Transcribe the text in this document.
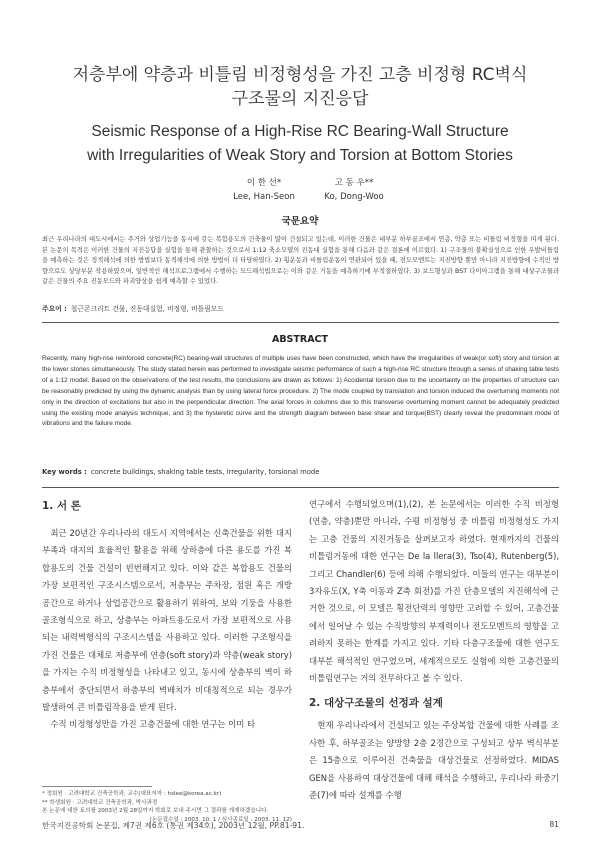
저층부에 약층과 비틀림 비정형성을 가진 고층 비정형 RC벽식
구조물의 지진응답
Seismic Response of a High-Rise RC Bearing-Wall Structure
with Irregularities of Weak Story and Torsion at Bottom Stories
이 한 선*
Lee, Han-Seon
고 동 우**
Ko, Dong-Woo
국문요약
최근 우리나라의 대도시에서는 주거와 상업기능을 동시에 갖는 복합용도의 건축물이 많이 건설되고 있는데, 이러한 건물은 대부분 하부골조에서 연층, 약층 또는 비틀림 비정형을 띠게 된다. 본 논문의 목적은 이러한 건물의 지진응답을 실험을 통해 관찰하는 것으로서 1:12 축소모델의 진동대 실험을 통해 다음과 같은 결론에 이르렀다. 1) 구조물의 불확실성으로 인한 우발비틀림을 예측하는 것은 정적해석에 의한 방법보다 동적해석에 의한 방법이 더 타당하였다. 2) 횡운동과 비틀림운동이 연관되어 있을 때, 전도모멘트는 지진방향 뿐만 아니라 지진방향에 수직인 방향으로도 상당부분 작용하였으며, 일반적인 해석프로그램에서 수행하는 모드해석법으로는 이와 같은 거동을 예측하기에 부적절하였다. 3) 보드형상과 BST 다이아그램을 통해 대상구조물과 같은 건물의 주요 진동모드와 파괴양상을 쉽게 예측할 수 있었다.
주요어 : 철근콘크리트 건물, 진동대실험, 비정형, 비틀림모드
ABSTRACT
Recently, many high-rise reinforced concrete(RC) bearing-wall structures of multiple uses have been constructed, which have the irregularities of weak(or soft) story and torsion at the lower stories simultaneously. The study stated herein was performed to investigate seismic performance of such a high-rise RC structure through a series of shaking table tests of a 1:12 model. Based on the observations of the test results, the conclusions are drawn as follows: 1) Accidental torsion due to the uncertainty on the properties of structure can be reasonably predicted by using the dynamic analysis than by using lateral force procedure. 2) The mode coupled by translation and torsion induced the overturning moments not only in the direction of excitations but also in the perpendicular direction: The axial forces in columns due to this transverse overturning moment cannot be adequately predicted using the existing mode analysis technique, and 3) the hysteretic curve and the strength diagram between base shear and torque(BST) clearly reveal the predominant mode of vibrations and the failure mode.
Key words : concrete buildings, shaking table tests, irregularity, torsional mode
1. 서 론

최근 20년간 우리나라의 대도시 지역에서는 신축건물을 위한 대지부족과 대지의 효율적인 활용을 위해 상하층에 다른 용도를 가진 복합용도의 건물 건설이 빈번해지고 있다. 이와 같은 복합용도 건물의 가장 보편적인 구조시스템으로서, 저층부는 주차장, 점원 혹은 개방공간으로 하거나 상업공간으로 활용하기 위하여, 보와 기둥을 사용한 골조형식으로 하고, 상층부는 아파트용도로서 가장 보편적으로 사용되는 내력벽형식의 구조시스템을 사용하고 있다. 이러한 구조형식을 가진 건물은 대체로 저층부에 연층(soft story)과 약층(weak story)을 가지는 수직 비정형성을 나타내고 있고, 동시에 상층부의 벽이 하층부에서 중단되면서 하층부의 벽배치가 비대칭적으로 되는 경우가 발생하여 큰 비틀림작용을 받게 된다.

수직 비정형성만을 가진 고층건물에 대한 연구는 이미 타

* 정회원 · 고려대학교 건축공학과, 교수(대표저자 : hslee@korea.ac.kr)
** 학생회원 · 고려대학교 건축공학과, 박사과정
본 논문에 대한 토의를 2003년 2월 28일까지 학회로 보내 주시면 그 결과를 게재하겠습니다.
(논문접수일 : 2003. 10. 1 / 심사종료일 : 2003. 11. 12)

연구에서 수행되었으며(1),(2), 본 논문에서는 이러한 수직 비정형(연층, 약층)뿐만 아니라, 수평 비정형성 중 비틀림 비정형성도 가지는 고층 건물의 지진거동을 살펴보고자 하였다. 현재까지의 건물의 비틀림거동에 대한 연구는 De la llera(3), Tso(4), Rutenberg(5), 그리고 Chandler(6) 등에 의해 수행되었다. 이들의 연구는 대부분이 3자유도(X, Y축 이동과 Z축 회전)를 가진 단층모델의 지진해석에 근거한 것으로, 이 모델은 횡전단력의 영향만 고려할 수 있어, 고층건물에서 일어날 수 있는 수직방향의 부재력이나 전도모멘트의 영향을 고려하지 못하는 한계를 가지고 있다. 기타 다층구조물에 대한 연구도 대부분 해석적인 연구였으며, 세계적으로도 실험에 의한 고층건물의 비틀림연구는 거의 전무하다고 볼 수 있다.

2. 대상구조물의 선정과 설계

현재 우리나라에서 건설되고 있는 주상복합 건물에 대한 사례를 조사한 후, 하부골조는 양방향 2층 2경간으로 구성되고 상부 벽식부분은 15층으로 이루어진 건축물을 대상건물로 선정하였다. MIDAS GEN을 사용하여 대상건물에 대해 해석을 수행하고, 우리나라 하중기준(7)에 따라 설계를 수행

한국지진공학회 논문집, 제7권 제6호 (통권 제34호), 2003년 12월, PP.81-91.	81
